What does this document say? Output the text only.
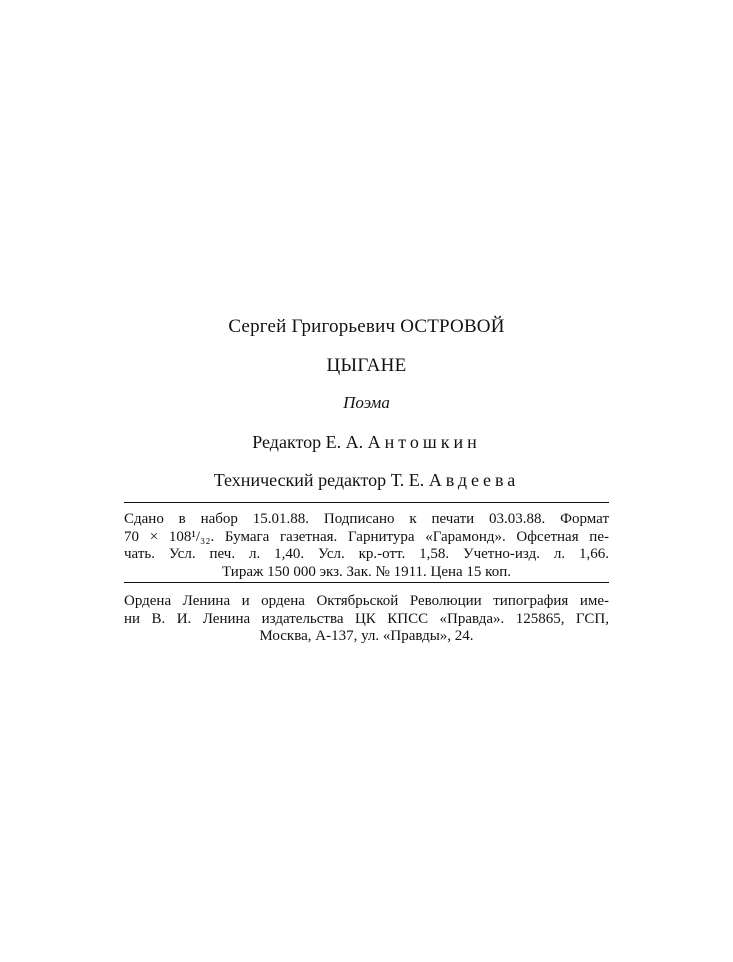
Сергей Григорьевич ОСТРОВОЙ
ЦЫГАНЕ
Поэма
Редактор Е. А. Антошкин
Технический редактор Т. Е. Авдеева
Сдано в набор 15.01.88. Подписано к печати 03.03.88. Формат
70 × 108¹/₃₂. Бумага газетная. Гарнитура «Гарамонд». Офсетная пе-
чать. Усл. печ. л. 1,40. Усл. кр.-отт. 1,58. Учетно-изд. л. 1,66.
Тираж 150 000 экз. Зак. № 1911. Цена 15 коп.
Ордена Ленина и ордена Октябрьской Революции типография име-
ни В. И. Ленина издательства ЦК КПСС «Правда». 125865, ГСП,
Москва, А-137, ул. «Правды», 24.
